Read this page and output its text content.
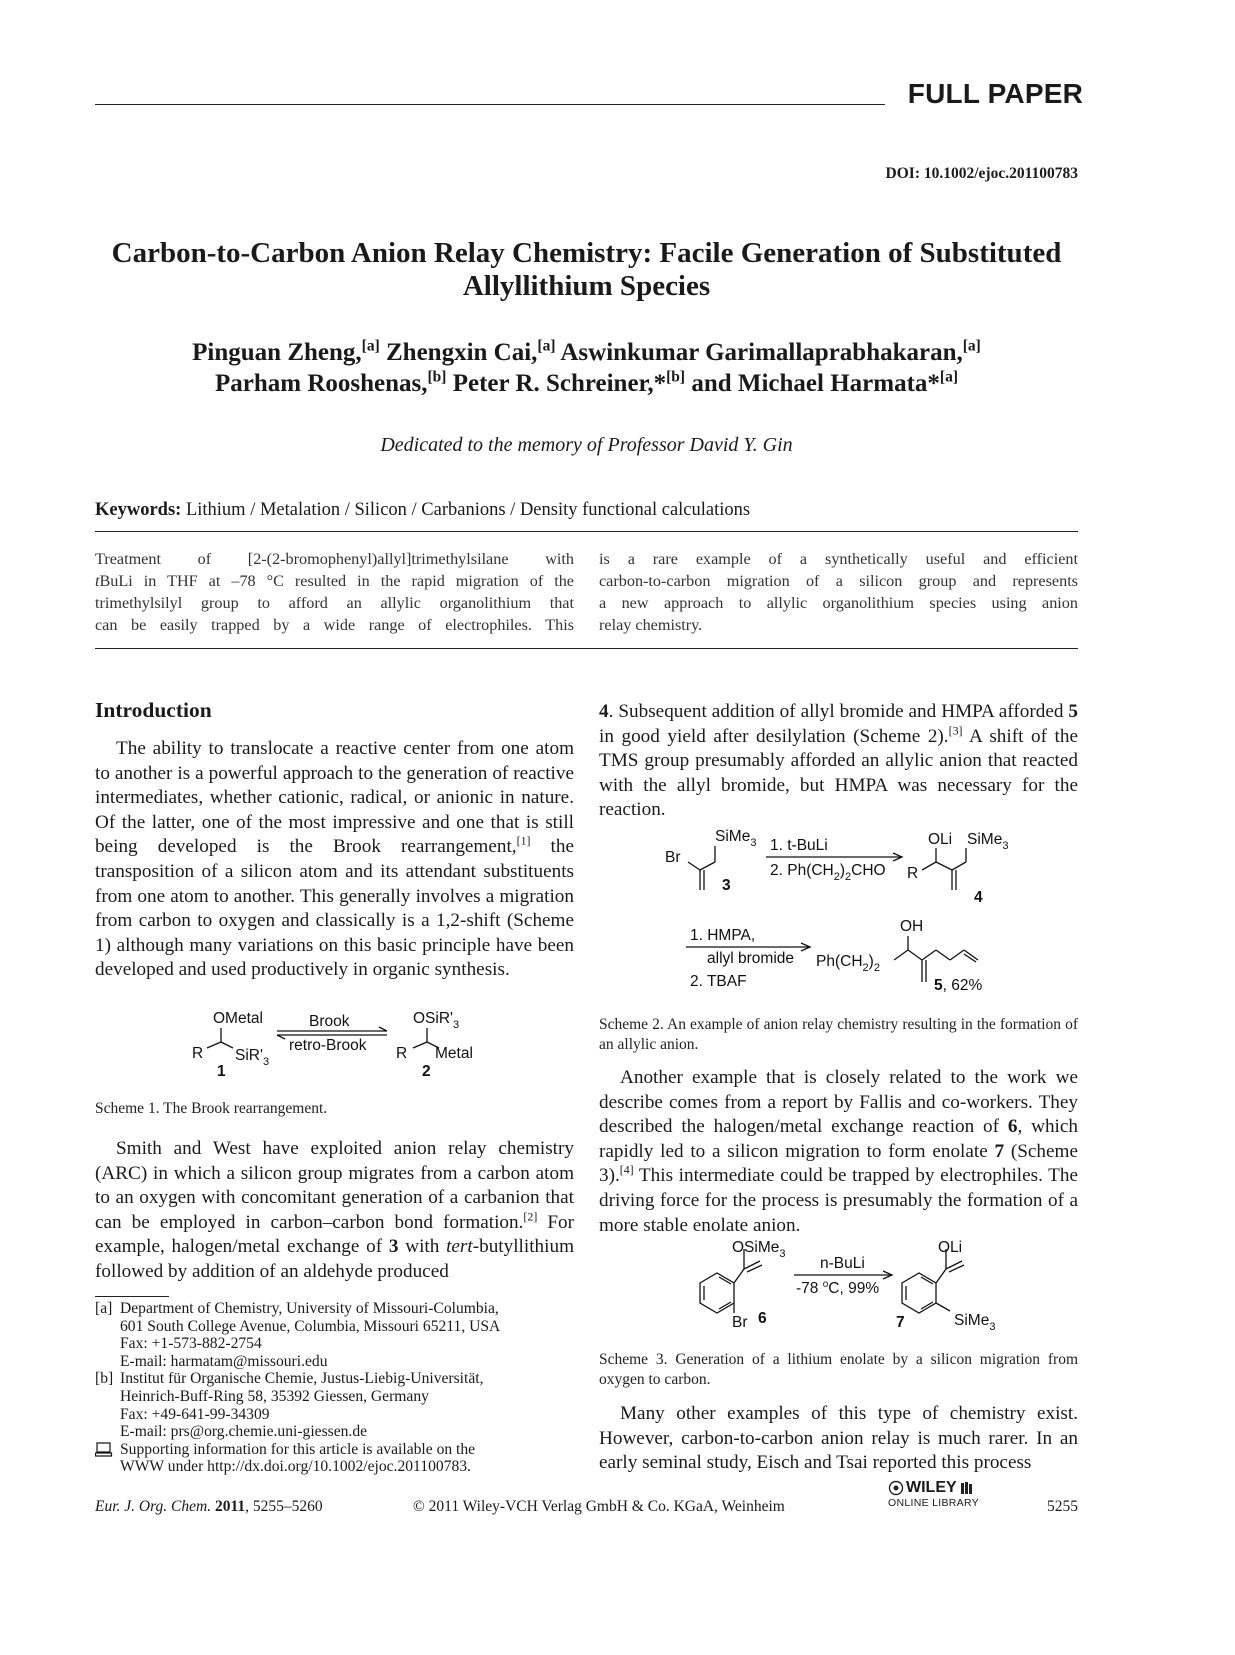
FULL PAPER
DOI: 10.1002/ejoc.201100783
Carbon-to-Carbon Anion Relay Chemistry: Facile Generation of Substituted
Allyllithium Species
Pinguan Zheng,[a] Zhengxin Cai,[a] Aswinkumar Garimallaprabhakaran,[a]
Parham Rooshenas,[b] Peter R. Schreiner,*[b] and Michael Harmata*[a]
Dedicated to the memory of Professor David Y. Gin
Keywords: Lithium / Metalation / Silicon / Carbanions / Density functional calculations
Treatment of [2-(2-bromophenyl)allyl]trimethylsilane with
tBuLi in THF at –78 °C resulted in the rapid migration of the
trimethylsilyl group to afford an allylic organolithium that
can be easily trapped by a wide range of electrophiles. This
is a rare example of a synthetically useful and efficient
carbon-to-carbon migration of a silicon group and represents
a new approach to allylic organolithium species using anion
relay chemistry.
Introduction
The ability to translocate a reactive center from one atom to another is a powerful approach to the generation of reactive intermediates, whether cationic, radical, or anionic in nature. Of the latter, one of the most impressive and one that is still being developed is the Brook rearrangement,[1] the transposition of a silicon atom and its attendant substituents from one atom to another. This generally involves a migration from carbon to oxygen and classically is a 1,2-shift (Scheme 1) although many variations on this basic principle have been developed and used productively in organic synthesis.
OMetal
R $SiR'_3$
1
Brook
retro-Brook
$OSiR'_3$
R Metal
2
Scheme 1. The Brook rearrangement.
Smith and West have exploited anion relay chemistry (ARC) in which a silicon group migrates from a carbon atom to an oxygen with concomitant generation of a carbanion that can be employed in carbon–carbon bond formation.[2] For example, halogen/metal exchange of 3 with tert-butyllithium followed by addition of an aldehyde produced
[a] Department of Chemistry, University of Missouri-Columbia,
601 South College Avenue, Columbia, Missouri 65211, USA
Fax: +1-573-882-2754
E-mail: harmatam@missouri.edu
[b] Institut für Organische Chemie, Justus-Liebig-Universität,
Heinrich-Buff-Ring 58, 35392 Giessen, Germany
Fax: +49-641-99-34309
E-mail: prs@org.chemie.uni-giessen.de
Supporting information for this article is available on the
WWW under http://dx.doi.org/10.1002/ejoc.201100783.
4. Subsequent addition of allyl bromide and HMPA afforded 5 in good yield after desilylation (Scheme 2).[3] A shift of the TMS group presumably afforded an allylic anion that reacted with the allyl bromide, but HMPA was necessary for the reaction.
SiMe$_3$
Br
3
1. t-BuLi
2. $Ph(CH_2)_2CHO$
OLi SiMe$_3$
R
4
1. HMPA,
allyl bromide
2. TBAF
OH
$Ph(CH_2)_2$
5, 62%
Scheme 2. An example of anion relay chemistry resulting in the formation of an allylic anion.
Another example that is closely related to the work we describe comes from a report by Fallis and co-workers. They described the halogen/metal exchange reaction of 6, which rapidly led to a silicon migration to form enolate 7 (Scheme 3).[4] This intermediate could be trapped by electrophiles. The driving force for the process is presumably the formation of a more stable enolate anion.
OSiMe$_3$
Br 6
n-BuLi
-78 $^o$C, 99%
OLi
SiMe$_3$
7
Scheme 3. Generation of a lithium enolate by a silicon migration from oxygen to carbon.
Many other examples of this type of chemistry exist. However, carbon-to-carbon anion relay is much rarer. In an early seminal study, Eisch and Tsai reported this process
Eur. J. Org. Chem. 2011, 5255–5260	© 2011 Wiley-VCH Verlag GmbH & Co. KGaA, Weinheim
WILEY
ONLINE LIBRARY	5255
